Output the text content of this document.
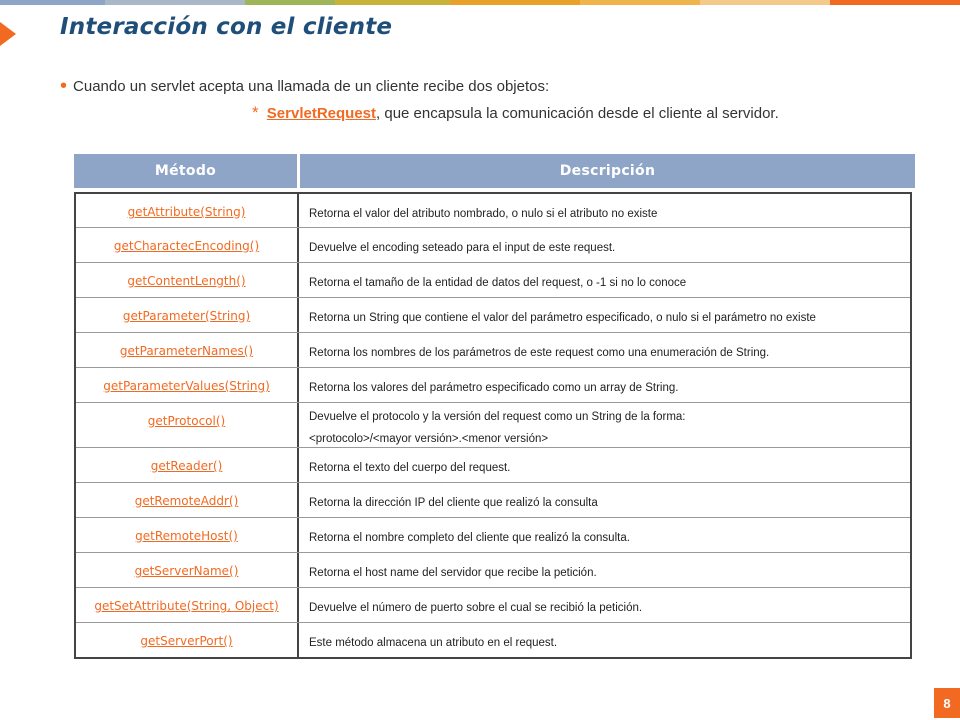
Interacción con el cliente
• Cuando un servlet acepta una llamada de un cliente recibe dos objetos:
* ServletRequest, que encapsula la comunicación desde el cliente al servidor.
Método	Descripción
getAttribute(String)	Retorna el valor del atributo nombrado, o nulo si el atributo no existe
getCharactecEncoding()	Devuelve el encoding seteado para el input de este request.
getContentLength()	Retorna el tamaño de la entidad de datos del request, o -1 si no lo conoce
getParameter(String)	Retorna un String que contiene el valor del parámetro especificado, o nulo si el parámetro no existe
getParameterNames()	Retorna los nombres de los parámetros de este request como una enumeración de String.
getParameterValues(String)	Retorna los valores del parámetro especificado como un array de String.
getProtocol()	Devuelve el protocolo y la versión del request como un String de la forma:
<protocolo>/<mayor versión>.<menor versión>
getReader()	Retorna el texto del cuerpo del request.
getRemoteAddr()	Retorna la dirección IP del cliente que realizó la consulta
getRemoteHost()	Retorna el nombre completo del cliente que realizó la consulta.
getServerName()	Retorna el host name del servidor que recibe la petición.
getSetAttribute(String, Object)	Devuelve el número de puerto sobre el cual se recibió la petición.
getServerPort()	Este método almacena un atributo en el request.
8
